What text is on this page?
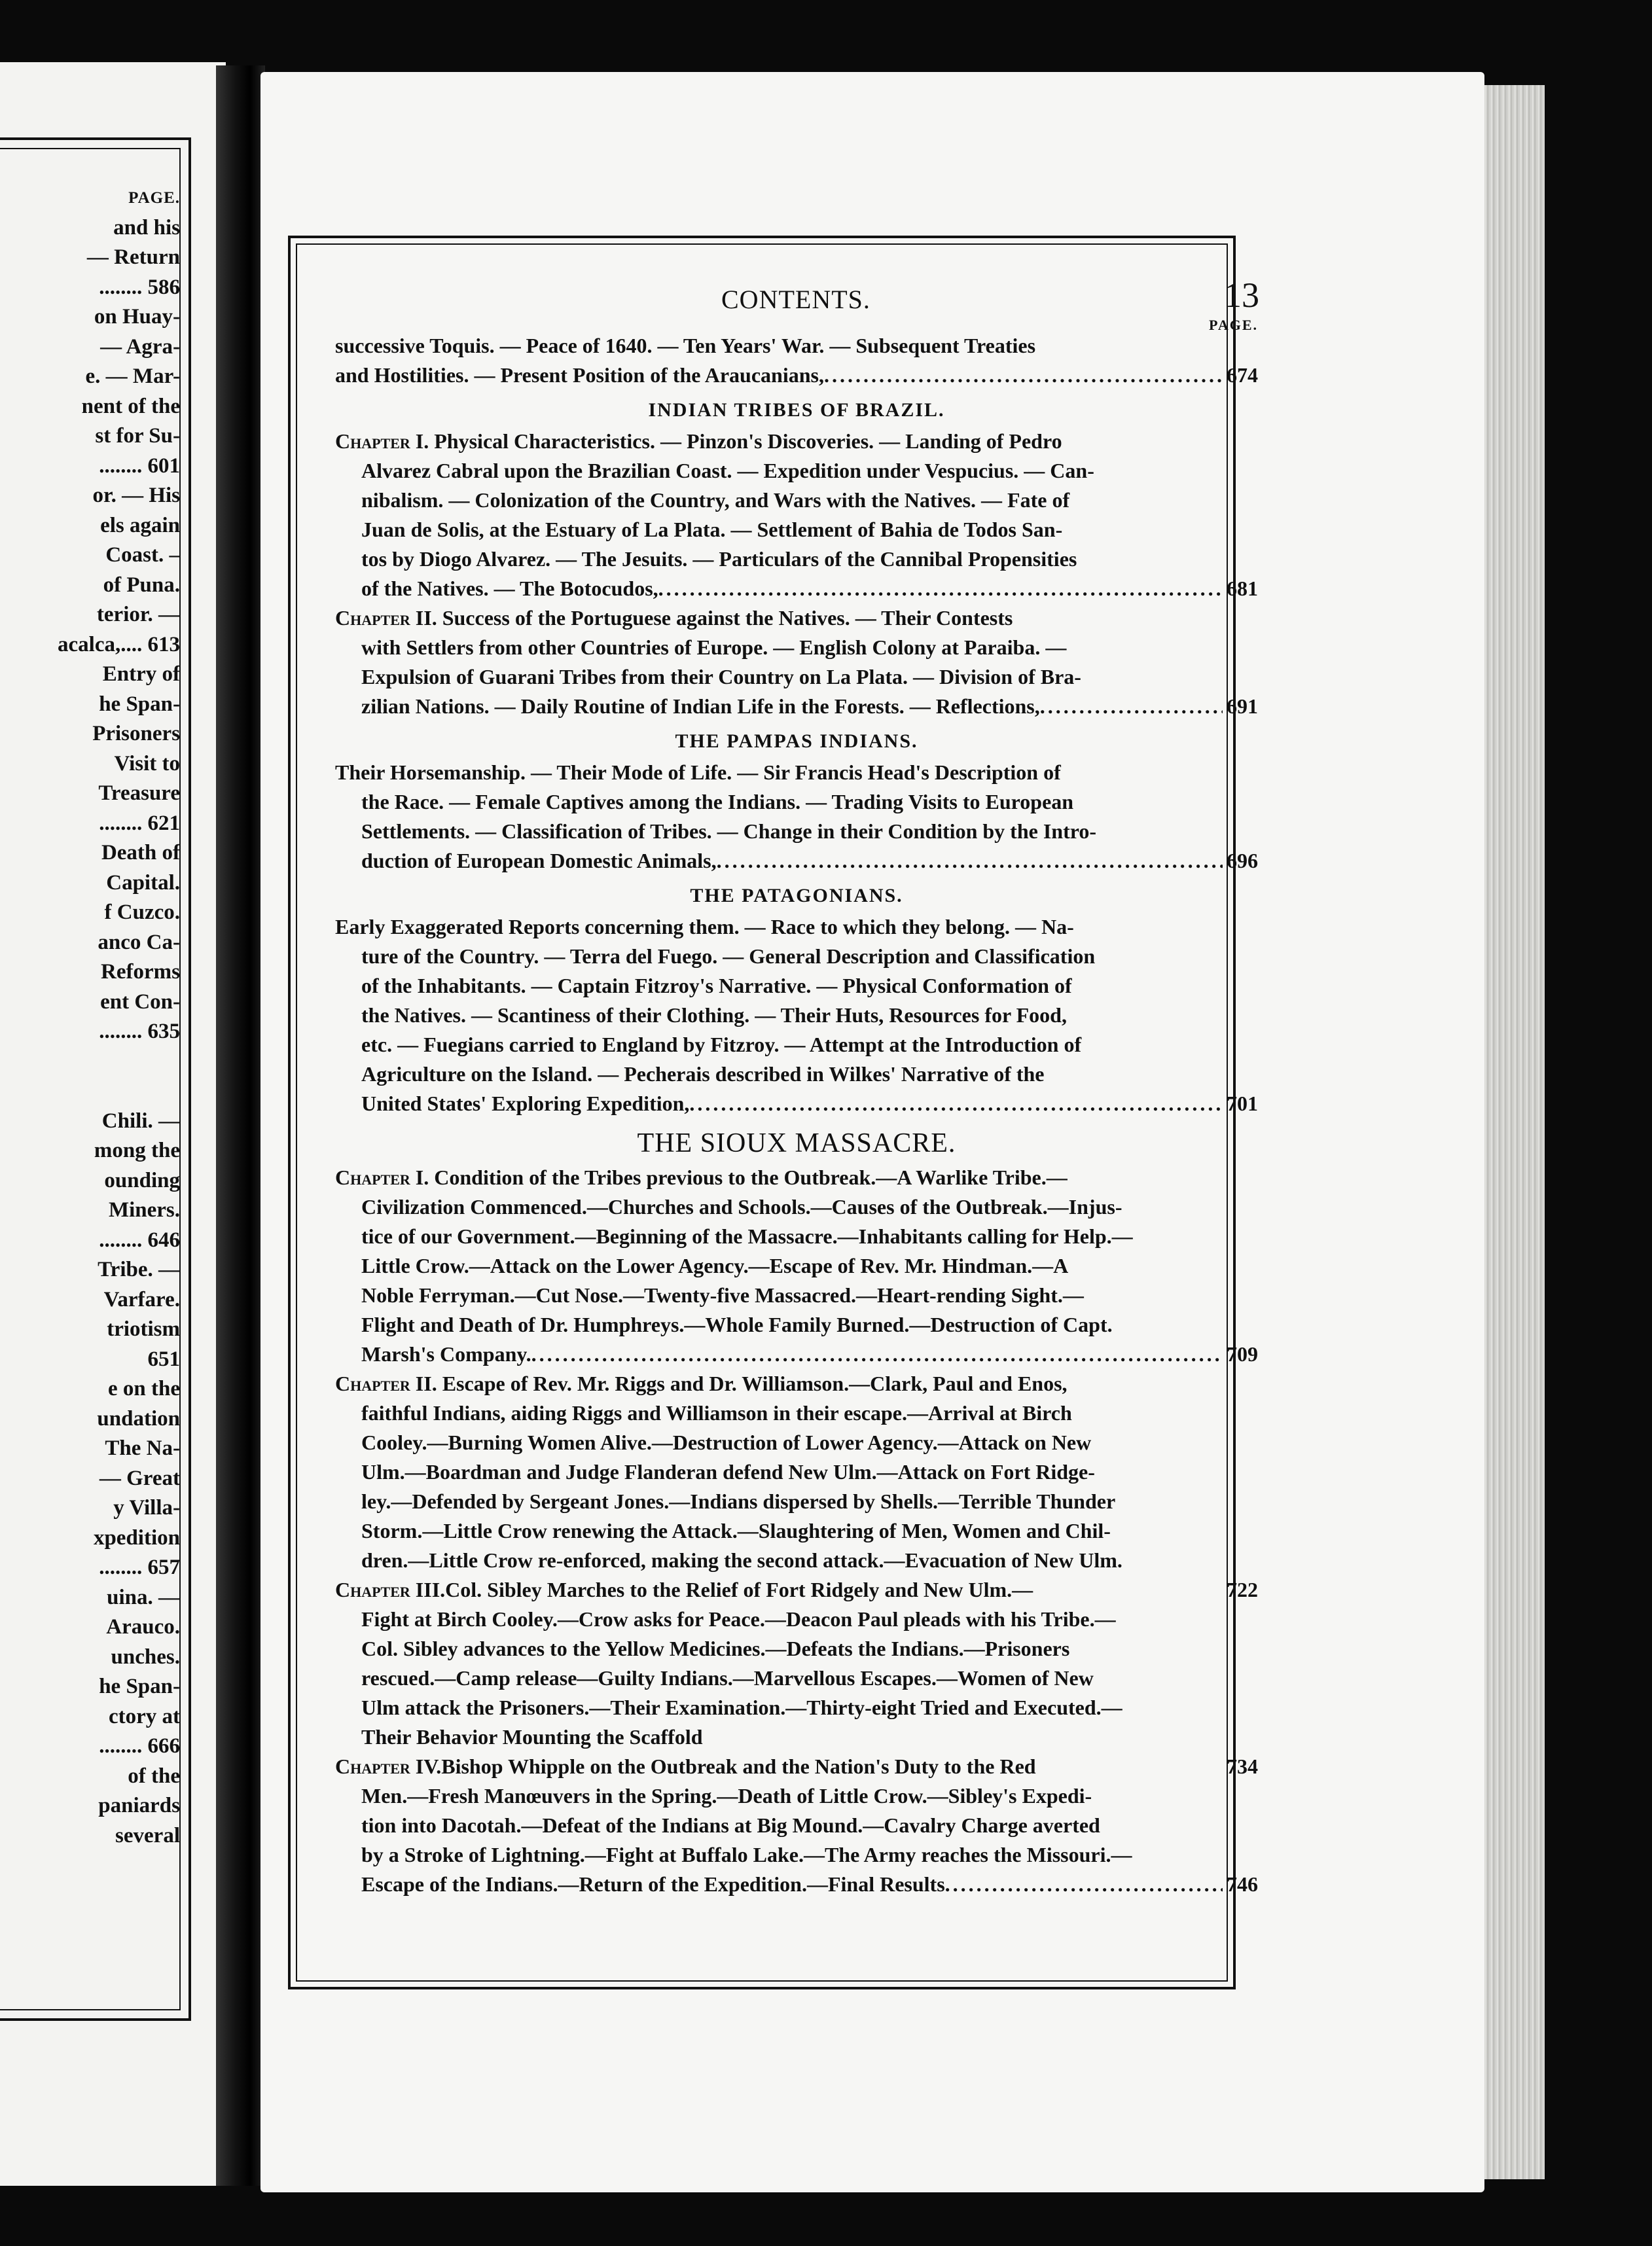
PAGE.
and his
— Return
........ 586
on Huay-
— Agra-
e. — Mar-
nent of the
st for Su-
........ 601
or. — His
els again
Coast. –
of Puna.
terior. —
acalca,.... 613
Entry of
he Span-
Prisoners
Visit to
Treasure
........ 621
Death of
Capital.
f Cuzco.
anco Ca-
Reforms
ent Con-
........ 635
Chili. —
mong the
ounding
Miners.
........ 646
Tribe. —
Varfare.
triotism
651
e on the
undation
The Na-
— Great
y Villa-
xpedition
........ 657
uina. —
Arauco.
unches.
he Span-
ctory at
........ 666
of the
paniards
several
CONTENTS.	13
PAGE.
successive Toquis. — Peace of 1640. — Ten Years' War. — Subsequent Treaties
and Hostilities. — Present Position of the Araucanians, .....	674
INDIAN TRIBES OF BRAZIL.
Chapter I. Physical Characteristics. — Pinzon's Discoveries. — Landing of Pedro
Alvarez Cabral upon the Brazilian Coast. — Expedition under Vespucius. — Can-
nibalism. — Colonization of the Country, and Wars with the Natives. — Fate of
Juan de Solis, at the Estuary of La Plata. — Settlement of Bahia de Todos San-
tos by Diogo Alvarez. — The Jesuits. — Particulars of the Cannibal Propensities
of the Natives. — The Botocudos, .....	681
Chapter II. Success of the Portuguese against the Natives. — Their Contests
with Settlers from other Countries of Europe. — English Colony at Paraiba. —
Expulsion of Guarani Tribes from their Country on La Plata. — Division of Bra-
zilian Nations. — Daily Routine of Indian Life in the Forests. — Reflections, .....	691
THE PAMPAS INDIANS.
Their Horsemanship. — Their Mode of Life. — Sir Francis Head's Description of
the Race. — Female Captives among the Indians. — Trading Visits to European
Settlements. — Classification of Tribes. — Change in their Condition by the Intro-
duction of European Domestic Animals, .....	696
THE PATAGONIANS.
Early Exaggerated Reports concerning them. — Race to which they belong. — Na-
ture of the Country. — Terra del Fuego. — General Description and Classification
of the Inhabitants. — Captain Fitzroy's Narrative. — Physical Conformation of
the Natives. — Scantiness of their Clothing. — Their Huts, Resources for Food,
etc. — Fuegians carried to England by Fitzroy. — Attempt at the Introduction of
Agriculture on the Island. — Pecherais described in Wilkes' Narrative of the
United States' Exploring Expedition, .....	701
THE SIOUX MASSACRE.
Chapter I. Condition of the Tribes previous to the Outbreak.—A Warlike Tribe.—
Civilization Commenced.—Churches and Schools.—Causes of the Outbreak.—Injus-
tice of our Government.—Beginning of the Massacre.—Inhabitants calling for Help.—
Little Crow.—Attack on the Lower Agency.—Escape of Rev. Mr. Hindman.—A
Noble Ferryman.—Cut Nose.—Twenty-five Massacred.—Heart-rending Sight.—
Flight and Death of Dr. Humphreys.—Whole Family Burned.—Destruction of Capt.
Marsh's Company. .....	709
Chapter II. Escape of Rev. Mr. Riggs and Dr. Williamson.—Clark, Paul and Enos,
faithful Indians, aiding Riggs and Williamson in their escape.—Arrival at Birch
Cooley.—Burning Women Alive.—Destruction of Lower Agency.—Attack on New
Ulm.—Boardman and Judge Flanderan defend New Ulm.—Attack on Fort Ridge-
ley.—Defended by Sergeant Jones.—Indians dispersed by Shells.—Terrible Thunder
Storm.—Little Crow renewing the Attack.—Slaughtering of Men, Women and Chil-
dren.—Little Crow re-enforced, making the second attack.—Evacuation of New Ulm.
Chapter III. Col. Sibley Marches to the Relief of Fort Ridgely and New Ulm.—	722
Fight at Birch Cooley.—Crow asks for Peace.—Deacon Paul pleads with his Tribe.—
Col. Sibley advances to the Yellow Medicines.—Defeats the Indians.—Prisoners
rescued.—Camp release—Guilty Indians.—Marvellous Escapes.—Women of New
Ulm attack the Prisoners.—Their Examination.—Thirty-eight Tried and Executed.—
Their Behavior Mounting the Scaffold
Chapter IV. Bishop Whipple on the Outbreak and the Nation's Duty to the Red	734
Men.—Fresh Manœuvers in the Spring.—Death of Little Crow.—Sibley's Expedi-
tion into Dacotah.—Defeat of the Indians at Big Mound.—Cavalry Charge averted
by a Stroke of Lightning.—Fight at Buffalo Lake.—The Army reaches the Missouri.—
Escape of the Indians.—Return of the Expedition.—Final Results .....	746
